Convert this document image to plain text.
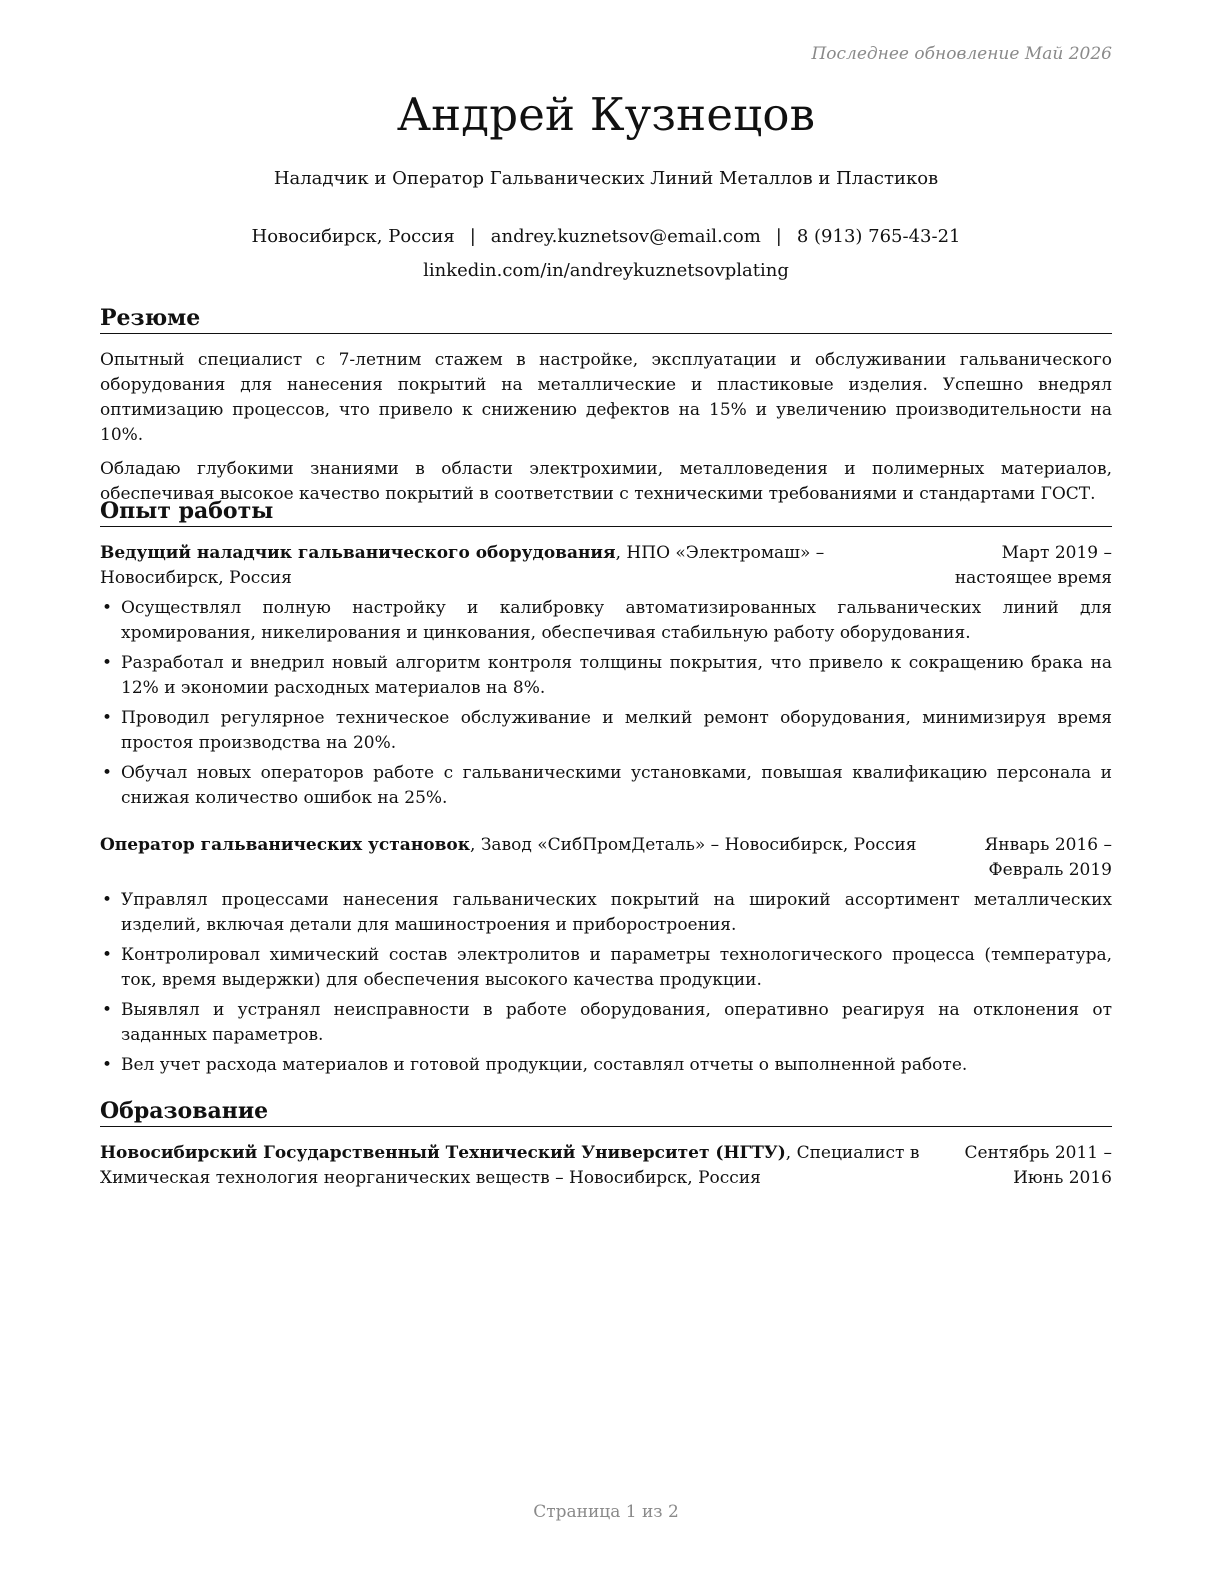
Последнее обновление Май 2026
Андрей Кузнецов
Наладчик и Оператор Гальванических Линий Металлов и Пластиков
Новосибирск, Россия | andrey.kuznetsov@email.com | 8 (913) 765-43-21
linkedin.com/in/andreykuznetsovplating
Резюме

Опытный специалист с 7-летним стажем в настройке, эксплуатации и обслуживании гальванического оборудования для нанесения покрытий на металлические и пластиковые изделия. Успешно внедрял оптимизацию процессов, что привело к снижению дефектов на 15% и увеличению производительности на 10%.

Обладаю глубокими знаниями в области электрохимии, металловедения и полимерных материалов, обеспечивая высокое качество покрытий в соответствии с техническими требованиями и стандартами ГОСТ.

Опыт работы
Ведущий наладчик гальванического оборудования, НПО «Электромаш» – Новосибирск, Россия
Март 2019 – настоящее время
• Осуществлял полную настройку и калибровку автоматизированных гальванических линий для хромирования, никелирования и цинкования, обеспечивая стабильную работу оборудования.
• Разработал и внедрил новый алгоритм контроля толщины покрытия, что привело к сокращению брака на 12% и экономии расходных материалов на 8%.
• Проводил регулярное техническое обслуживание и мелкий ремонт оборудования, минимизируя время простоя производства на 20%.
• Обучал новых операторов работе с гальваническими установками, повышая квалификацию персонала и снижая количество ошибок на 25%.
Оператор гальванических установок, Завод «СибПромДеталь» – Новосибирск, Россия	Январь 2016 – Февраль 2019
• Управлял процессами нанесения гальванических покрытий на широкий ассортимент металлических изделий, включая детали для машиностроения и приборостроения.
• Контролировал химический состав электролитов и параметры технологического процесса (температура, ток, время выдержки) для обеспечения высокого качества продукции.
• Выявлял и устранял неисправности в работе оборудования, оперативно реагируя на отклонения от заданных параметров.
• Вел учет расхода материалов и готовой продукции, составлял отчеты о выполненной работе.
Образование
Новосибирский Государственный Технический Университет (НГТУ), Специалист в Химическая технология неорганических веществ – Новосибирск, Россия
Сентябрь 2011 – Июнь 2016
Страница 1 из 2
